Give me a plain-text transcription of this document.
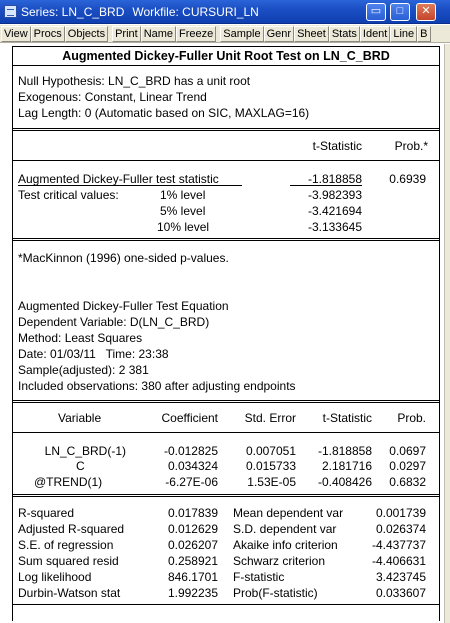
Series: LN_C_BRD Workfile: CURSURI_LN	▭	□	✕
View Procs Objects Print Name Freeze Sample Genr Sheet Stats Ident Line B
Augmented Dickey-Fuller Unit Root Test on LN_C_BRD
Null Hypothesis: LN_C_BRD has a unit root
Exogenous: Constant, Linear Trend
Lag Length: 0 (Automatic based on SIC, MAXLAG=16)
t-Statistic	Prob.*
Augmented Dickey-Fuller test statistic	-1.818858	0.6939
Test critical values:	1% level	-3.982393
5% level	-3.421694
10% level	-3.133645
*MacKinnon (1996) one-sided p-values.
Augmented Dickey-Fuller Test Equation
Dependent Variable: D(LN_C_BRD)
Method: Least Squares
Date: 01/03/11   Time: 23:38
Sample(adjusted): 2 381
Included observations: 380 after adjusting endpoints
Variable	Coefficient	Std. Error	t-Statistic	Prob.
LN_C_BRD(-1)	-0.012825	0.007051	-1.818858	0.0697
C	0.034324	0.015733	2.181716	0.0297
@TREND(1)	-6.27E-06	1.53E-05	-0.408426	0.6832
R-squared	0.017839 Mean dependent var	0.001739
Adjusted R-squared	0.012629 S.D. dependent var	0.026374
S.E. of regression	0.026207 Akaike info criterion	-4.437737
Sum squared resid	0.258921 Schwarz criterion	-4.406631
Log likelihood	846.1701 F-statistic	3.423745
Durbin-Watson stat	1.992235 Prob(F-statistic)	0.033607
